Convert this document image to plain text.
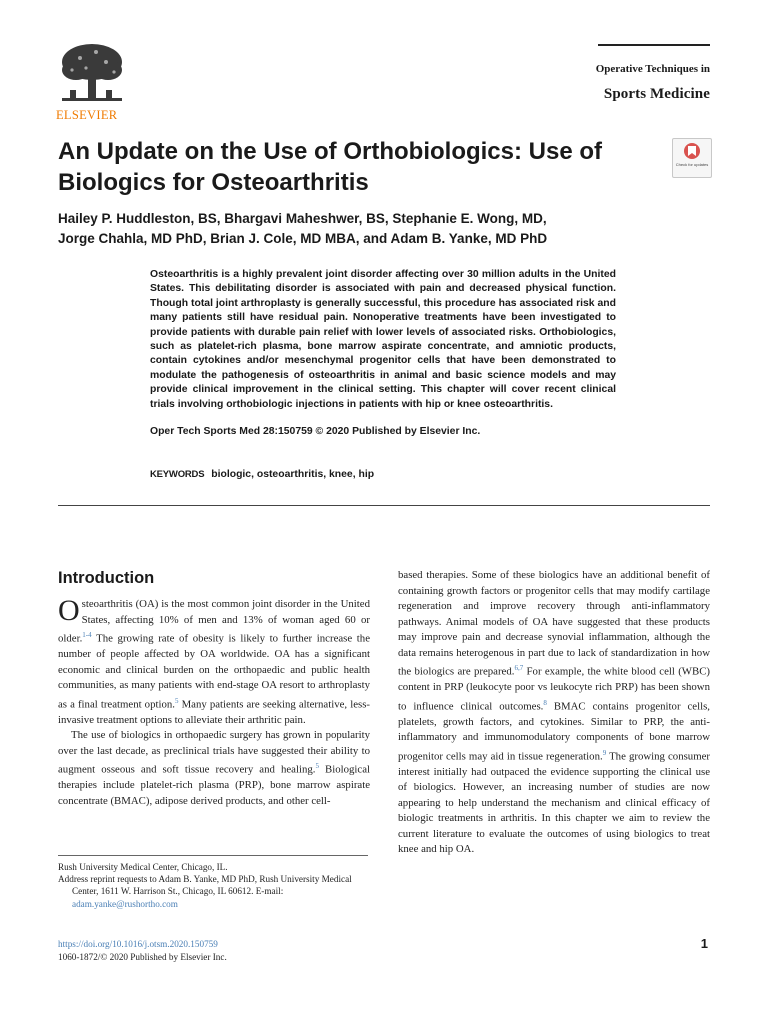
ELSEVIER
Operative Techniques in
Sports Medicine
An Update on the Use of Orthobiologics: Use of Biologics for Osteoarthritis
Check for updates
Hailey P. Huddleston, BS, Bhargavi Maheshwer, BS, Stephanie E. Wong, MD,
Jorge Chahla, MD PhD, Brian J. Cole, MD MBA, and Adam B. Yanke, MD PhD
Osteoarthritis is a highly prevalent joint disorder affecting over 30 million adults in the United States. This debilitating disorder is associated with pain and decreased physical function. Though total joint arthroplasty is generally successful, this procedure has associated risk and many patients still have residual pain. Nonoperative treatments have been investigated to provide patients with durable pain relief with lower levels of associated risks. Orthobiologics, such as platelet-rich plasma, bone marrow aspirate concentrate, and amniotic products, contain cytokines and/or mesenchymal progenitor cells that have been demonstrated to modulate the pathogenesis of osteoarthritis in animal and basic science models and may provide clinical improvement in the clinical setting. This chapter will cover recent clinical trials involving orthobiologic injections in patients with hip or knee osteoarthritis.
Oper Tech Sports Med 28:150759 © 2020 Published by Elsevier Inc.
KEYWORDS biologic, osteoarthritis, knee, hip
Introduction

Osteoarthritis (OA) is the most common joint disorder in the United States, affecting 10% of men and 13% of woman aged 60 or older.$^{1-4}$ The growing rate of obesity is likely to further increase the number of people affected by OA worldwide. OA has a significant economic and clinical burden on the orthopaedic and public health communities, as many patients with end-stage OA resort to arthroplasty as a final treatment option.$^5$ Many patients are seeking alternative, less-invasive treatment options to alleviate their arthritic pain.

The use of biologics in orthopaedic surgery has grown in popularity over the last decade, as preclinical trials have suggested their ability to augment osseous and soft tissue recovery and healing.$^5$ Biological therapies include platelet-rich plasma (PRP), bone marrow aspirate concentrate (BMAC), adipose derived products, and other cell-

based therapies. Some of these biologics have an additional benefit of containing growth factors or progenitor cells that may modify cartilage regeneration and improve recovery through anti-inflammatory pathways. Animal models of OA have suggested that these products may improve pain and decrease synovial inflammation, although the data remains heterogenous in part due to lack of standardization in how the biologics are prepared.$^{6,7}$ For example, the white blood cell (WBC) content in PRP (leukocyte poor vs leukocyte rich PRP) has been shown to influence clinical outcomes.$^8$ BMAC contains progenitor cells, platelets, growth factors, and cytokines. Similar to PRP, the anti-inflammatory and immunomodulatory components of bone marrow progenitor cells may aid in tissue regeneration.$^9$ The growing consumer interest initially had outpaced the evidence supporting the clinical use of biologics. However, an increasing number of studies are now appearing to help understand the mechanism and clinical efficacy of biologic treatments in arthritis. In this chapter we aim to review the current literature to evaluate the outcomes of using biologics to treat knee and hip OA.

Rush University Medical Center, Chicago, IL.

Address reprint requests to Adam B. Yanke, MD PhD, Rush University Medical Center, 1611 W. Harrison St., Chicago, IL 60612. E-mail:
adam.yanke@rushortho.com

https://doi.org/10.1016/j.otsm.2020.150759
1060-1872/© 2020 Published by Elsevier Inc.
1
